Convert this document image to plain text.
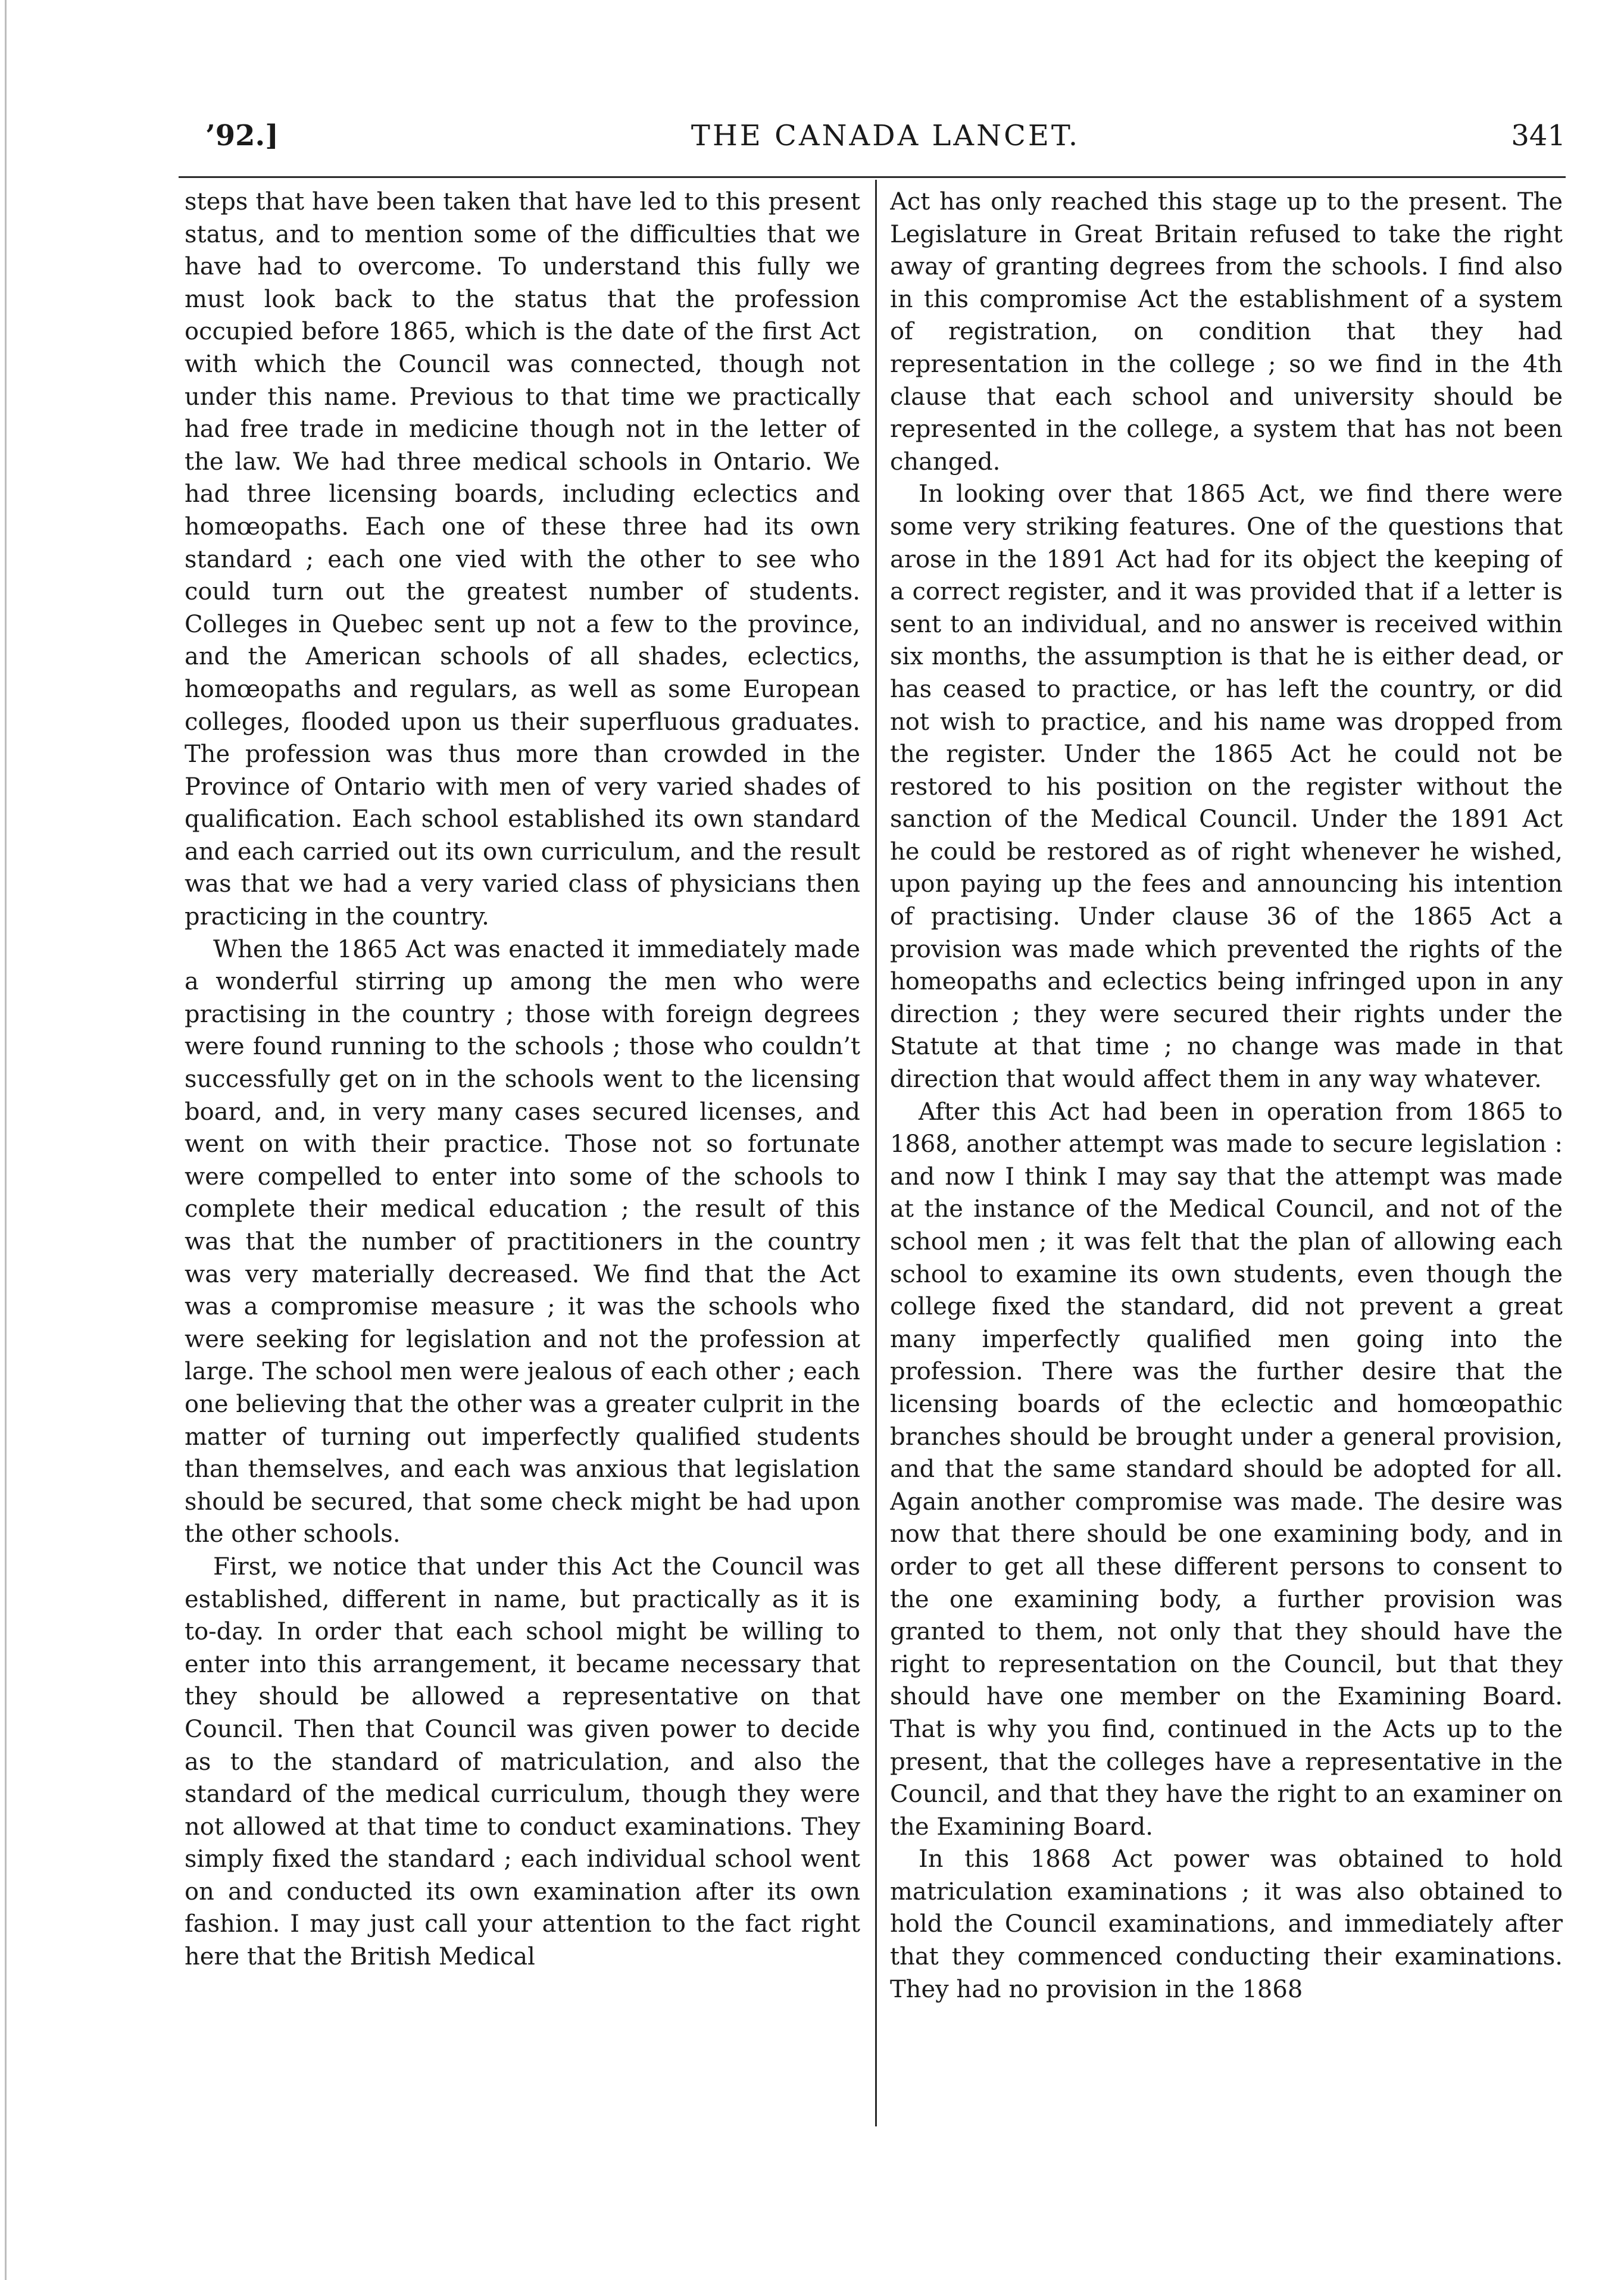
’92.]	THE CANADA LANCET.	341

steps that have been taken that have led to this present status, and to mention some of the difficulties that we have had to overcome. To understand this fully we must look back to the status that the profession occupied before 1865, which is the date of the first Act with which the Council was connected, though not under this name. Previous to that time we practically had free trade in medicine though not in the letter of the law. We had three medical schools in Ontario. We had three licensing boards, including eclectics and homœopaths. Each one of these three had its own standard ; each one vied with the other to see who could turn out the greatest number of students. Colleges in Quebec sent up not a few to the province, and the American schools of all shades, eclectics, homœopaths and regulars, as well as some European colleges, flooded upon us their superfluous graduates. The profession was thus more than crowded in the Province of Ontario with men of very varied shades of qualification. Each school established its own standard and each carried out its own curriculum, and the result was that we had a very varied class of physicians then practicing in the country.

When the 1865 Act was enacted it immediately made a wonderful stirring up among the men who were practising in the country ; those with foreign degrees were found running to the schools ; those who couldn’t successfully get on in the schools went to the licensing board, and, in very many cases secured licenses, and went on with their practice. Those not so fortunate were compelled to enter into some of the schools to complete their medical education ; the result of this was that the number of practitioners in the country was very materially decreased. We find that the Act was a compromise measure ; it was the schools who were seeking for legislation and not the profession at large. The school men were jealous of each other ; each one believing that the other was a greater culprit in the matter of turning out imperfectly qualified students than themselves, and each was anxious that legislation should be secured, that some check might be had upon the other schools.

First, we notice that under this Act the Council was established, different in name, but practically as it is to-day. In order that each school might be willing to enter into this arrangement, it became necessary that they should be allowed a representative on that Council. Then that Council was given power to decide as to the standard of matriculation, and also the standard of the medical curriculum, though they were not allowed at that time to conduct examinations. They simply fixed the standard ; each individual school went on and conducted its own examination after its own fashion. I may just call your attention to the fact right here that the British Medical

Act has only reached this stage up to the present. The Legislature in Great Britain refused to take the right away of granting degrees from the schools. I find also in this compromise Act the establishment of a system of registration, on condition that they had representation in the college ; so we find in the 4th clause that each school and university should be represented in the college, a system that has not been changed.

In looking over that 1865 Act, we find there were some very striking features. One of the questions that arose in the 1891 Act had for its object the keeping of a correct register, and it was provided that if a letter is sent to an individual, and no answer is received within six months, the assumption is that he is either dead, or has ceased to practice, or has left the country, or did not wish to practice, and his name was dropped from the register. Under the 1865 Act he could not be restored to his position on the register without the sanction of the Medical Council. Under the 1891 Act he could be restored as of right whenever he wished, upon paying up the fees and announcing his intention of practising. Under clause 36 of the 1865 Act a provision was made which prevented the rights of the homeopaths and eclectics being infringed upon in any direction ; they were secured their rights under the Statute at that time ; no change was made in that direction that would affect them in any way whatever.

After this Act had been in operation from 1865 to 1868, another attempt was made to secure legislation : and now I think I may say that the attempt was made at the instance of the Medical Council, and not of the school men ; it was felt that the plan of allowing each school to examine its own students, even though the college fixed the standard, did not prevent a great many imperfectly qualified men going into the profession. There was the further desire that the licensing boards of the eclectic and homœopathic branches should be brought under a general provision, and that the same standard should be adopted for all. Again another compromise was made. The desire was now that there should be one examining body, and in order to get all these different persons to consent to the one examining body, a further provision was granted to them, not only that they should have the right to representation on the Council, but that they should have one member on the Examining Board. That is why you find, continued in the Acts up to the present, that the colleges have a representative in the Council, and that they have the right to an examiner on the Examining Board.

In this 1868 Act power was obtained to hold matriculation examinations ; it was also obtained to hold the Council examinations, and immediately after that they commenced conducting their examinations. They had no provision in the 1868
